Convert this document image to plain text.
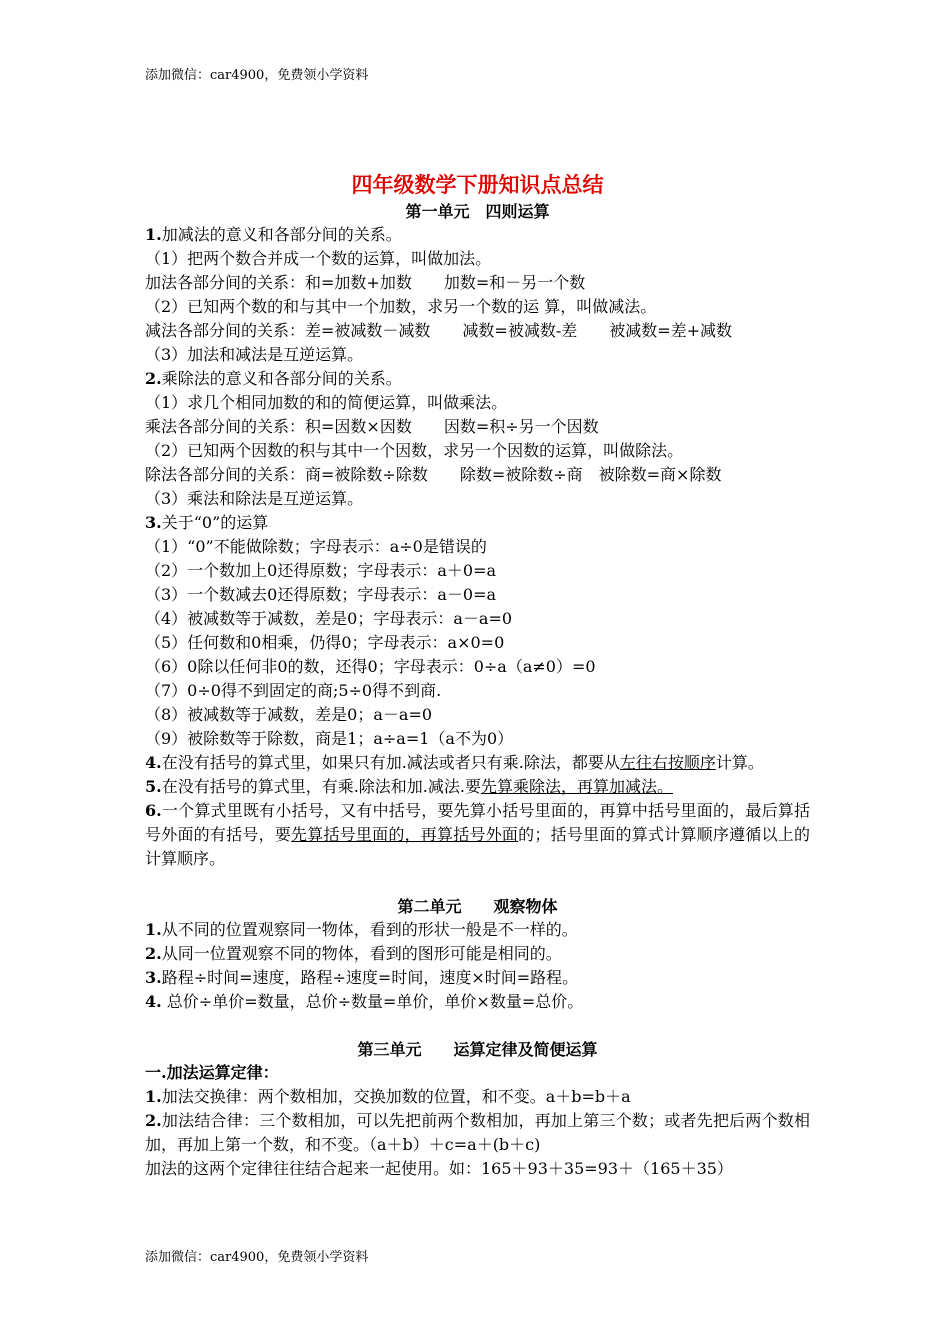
添加微信：car4900，免费领小学资料
四年级数学下册知识点总结
第一单元　四则运算
1.加减法的意义和各部分间的关系。
（1）把两个数合并成一个数的运算，叫做加法。
加法各部分间的关系：和=加数+加数　　加数=和－另一个数
（2）已知两个数的和与其中一个加数，求另一个数的运 算，叫做减法。
减法各部分间的关系：差=被减数－减数　　减数=被减数-差　　被减数=差+减数
（3）加法和减法是互逆运算。
2.乘除法的意义和各部分间的关系。
（1）求几个相同加数的和的简便运算，叫做乘法。
乘法各部分间的关系：积=因数×因数　　因数=积÷另一个因数
（2）已知两个因数的积与其中一个因数，求另一个因数的运算，叫做除法。
除法各部分间的关系：商=被除数÷除数　　除数=被除数÷商　被除数=商×除数
（3）乘法和除法是互逆运算。
3.关于“0”的运算
（1）“0”不能做除数；字母表示：a÷0是错误的
（2）一个数加上0还得原数；字母表示：a＋0=a
（3）一个数减去0还得原数；字母表示：a－0=a
（4）被减数等于减数，差是0；字母表示：a－a=0
（5）任何数和0相乘，仍得0；字母表示：a×0=0
（6）0除以任何非0的数，还得0；字母表示：0÷a（a≠0）=0
（7）0÷0得不到固定的商;5÷0得不到商.
（8）被减数等于减数，差是0；a－a=0
（9）被除数等于除数，商是1；a÷a=1（a不为0）
4.在没有括号的算式里，如果只有加.减法或者只有乘.除法，都要从左往右按顺序计算。
5.在没有括号的算式里，有乘.除法和加.减法.要先算乘除法，再算加减法。
6.一个算式里既有小括号，又有中括号，要先算小括号里面的，再算中括号里面的，最后算括号外面的有括号，要先算括号里面的，再算括号外面的；括号里面的算式计算顺序遵循以上的计算顺序。
第二单元　　观察物体
1.从不同的位置观察同一物体，看到的形状一般是不一样的。
2.从同一位置观察不同的物体，看到的图形可能是相同的。
3.路程÷时间=速度，路程÷速度=时间，速度×时间=路程。
4. 总价÷单价=数量，总价÷数量=单价，单价×数量=总价。
第三单元　　运算定律及简便运算
一.加法运算定律：
1.加法交换律：两个数相加，交换加数的位置，和不变。a＋b=b＋a
2.加法结合律：三个数相加，可以先把前两个数相加，再加上第三个数；或者先把后两个数相加，再加上第一个数，和不变。（a＋b）＋c=a＋(b＋c)
加法的这两个定律往往结合起来一起使用。如：165＋93＋35=93＋（165＋35）
添加微信：car4900，免费领小学资料
